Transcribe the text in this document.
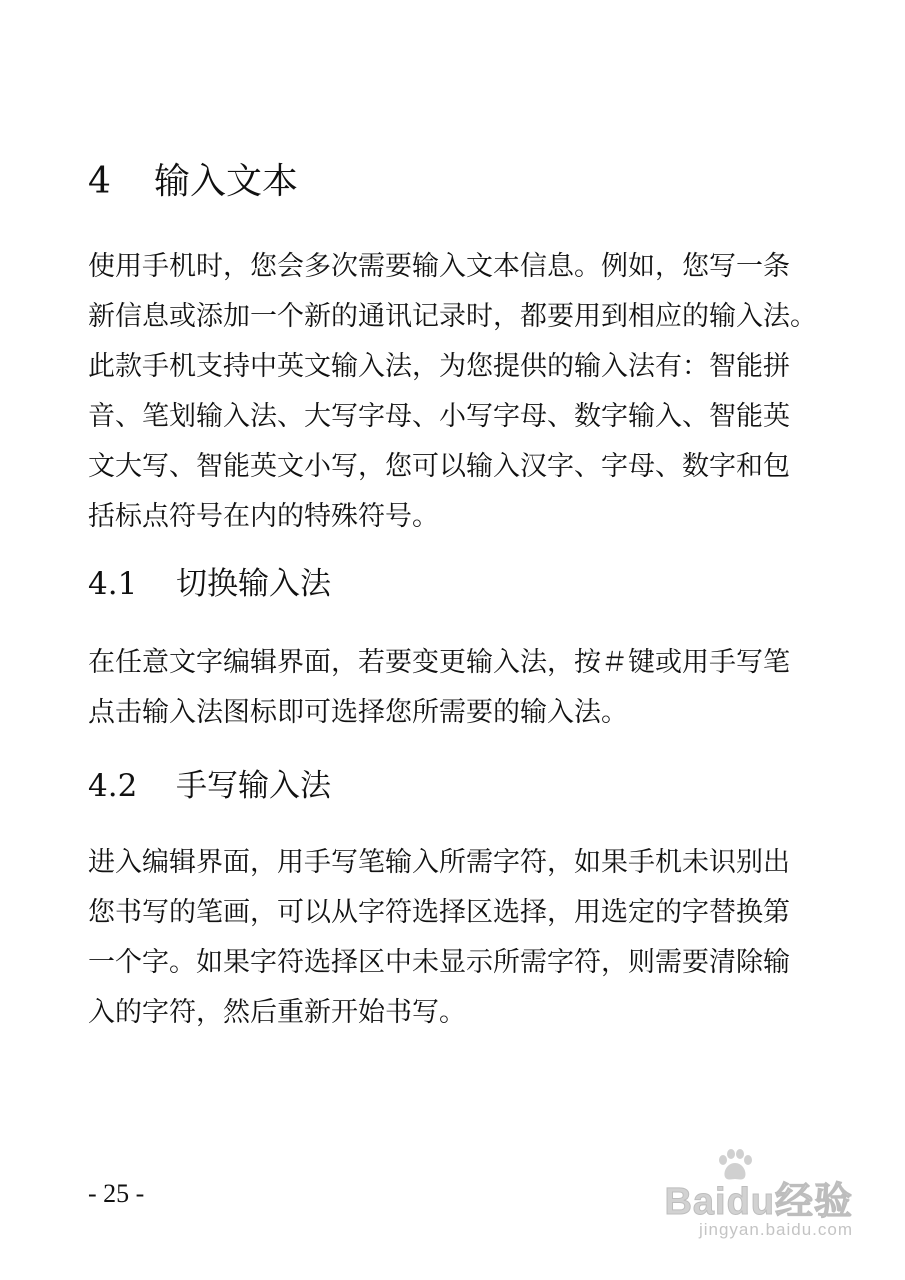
4 输入文本
使用手机时，您会多次需要输入文本信息。例如，您写一条
新信息或添加一个新的通讯记录时，都要用到相应的输入法。
此款手机支持中英文输入法，为您提供的输入法有：智能拼
音、笔划输入法、大写字母、小写字母、数字输入、智能英
文大写、智能英文小写，您可以输入汉字、字母、数字和包
括标点符号在内的特殊符号。
4.1 切换输入法
在任意文字编辑界面，若要变更输入法，按＃键或用手写笔
点击输入法图标即可选择您所需要的输入法。
4.2 手写输入法
进入编辑界面，用手写笔输入所需字符，如果手机未识别出
您书写的笔画，可以从字符选择区选择，用选定的字替换第
一个字。如果字符选择区中未显示所需字符，则需要清除输
入的字符，然后重新开始书写。
- 25 -	Baidu经验
jingyan.baidu.com
